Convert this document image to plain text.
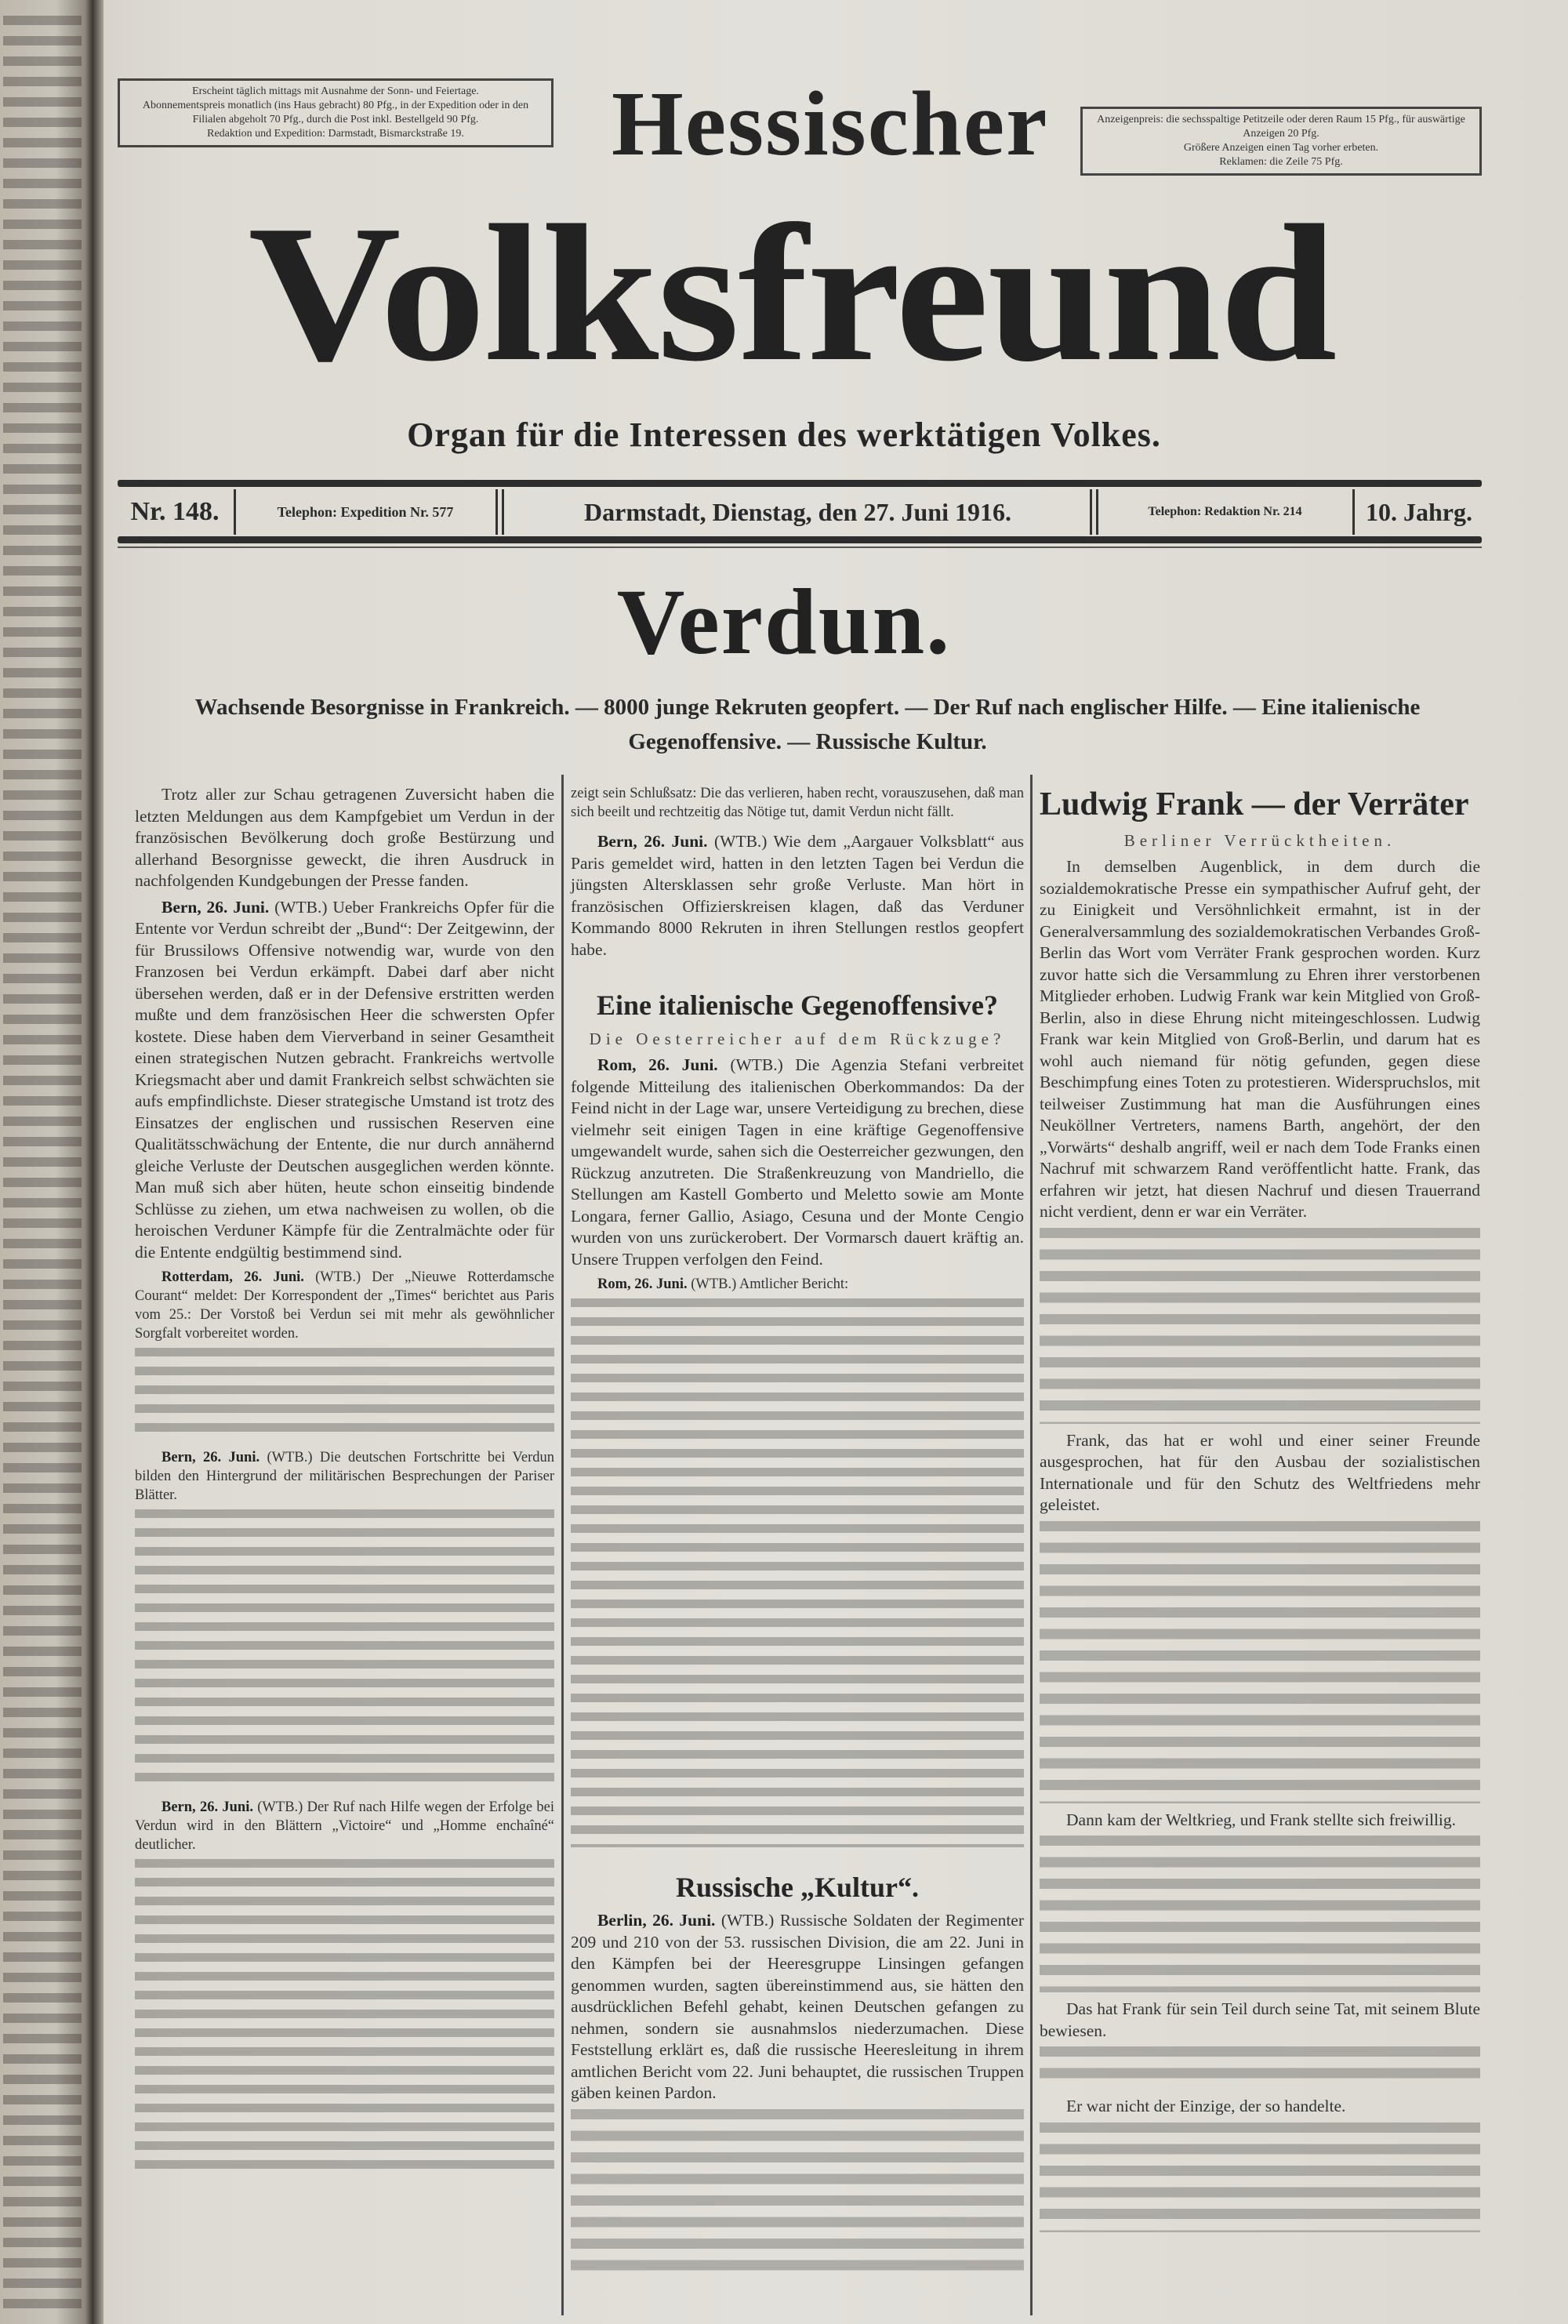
Erscheint täglich mittags mit Ausnahme der Sonn- und Feiertage.
Abonnementspreis monatlich (ins Haus gebracht) 80 Pfg., in der Expedition oder in den Filialen abgeholt 70 Pfg., durch die Post inkl. Bestellgeld 90 Pfg.
Redaktion und Expedition: Darmstadt, Bismarckstraße 19.
Anzeigenpreis: die sechsspaltige Petitzeile oder deren Raum 15 Pfg., für auswärtige Anzeigen 20 Pfg.
Größere Anzeigen einen Tag vorher erbeten.
Reklamen: die Zeile 75 Pfg.
Hessischer
Volksfreund
Organ für die Interessen des werktätigen Volkes.
Nr. 148.	Telephon: Expedition Nr. 577	Darmstadt, Dienstag, den 27. Juni 1916.	Telephon: Redaktion Nr. 214	10. Jahrg.
Verdun.
Wachsende Besorgnisse in Frankreich. — 8000 junge Rekruten geopfert. — Der Ruf nach englischer Hilfe. — Eine italienische Gegenoffensive. — Russische Kultur.

Trotz aller zur Schau getragenen Zuversicht haben die letzten Meldungen aus dem Kampfgebiet um Verdun in der französischen Bevölkerung doch große Bestürzung und allerhand Besorgnisse geweckt, die ihren Ausdruck in nachfolgenden Kundgebungen der Presse fanden.

Bern, 26. Juni. (WTB.) Ueber Frankreichs Opfer für die Entente vor Verdun schreibt der „Bund“: Der Zeitgewinn, der für Brussilows Offensive notwendig war, wurde von den Franzosen bei Verdun erkämpft. Dabei darf aber nicht übersehen werden, daß er in der Defensive erstritten werden mußte und dem französischen Heer die schwersten Opfer kostete. Diese haben dem Vierverband in seiner Gesamtheit einen strategischen Nutzen gebracht. Frankreichs wertvolle Kriegsmacht aber und damit Frankreich selbst schwächten sie aufs empfindlichste. Dieser strategische Umstand ist trotz des Einsatzes der englischen und russischen Reserven eine Qualitätsschwächung der Entente, die nur durch annähernd gleiche Verluste der Deutschen ausgeglichen werden könnte. Man muß sich aber hüten, heute schon einseitig bindende Schlüsse zu ziehen, um etwa nachweisen zu wollen, ob die heroischen Verduner Kämpfe für die Zentralmächte oder für die Entente endgültig bestimmend sind.

Rotterdam, 26. Juni. (WTB.) Der „Nieuwe Rotterdamsche Courant“ meldet: Der Korrespondent der „Times“ berichtet aus Paris vom 25.: Der Vorstoß bei Verdun sei mit mehr als gewöhnlicher Sorgfalt vorbereitet worden.

Bern, 26. Juni. (WTB.) Die deutschen Fortschritte bei Verdun bilden den Hintergrund der militärischen Besprechungen der Pariser Blätter.

Bern, 26. Juni. (WTB.) Der Ruf nach Hilfe wegen der Erfolge bei Verdun wird in den Blättern „Victoire“ und „Homme enchaîné“ deutlicher.

zeigt sein Schlußsatz: Die das verlieren, haben recht, vorauszusehen, daß man sich beeilt und rechtzeitig das Nötige tut, damit Verdun nicht fällt.

Bern, 26. Juni. (WTB.) Wie dem „Aargauer Volksblatt“ aus Paris gemeldet wird, hatten in den letzten Tagen bei Verdun die jüngsten Altersklassen sehr große Verluste. Man hört in französischen Offizierskreisen klagen, daß das Verduner Kommando 8000 Rekruten in ihren Stellungen restlos geopfert habe.

Eine italienische Gegenoffensive?
Die Oesterreicher auf dem Rückzuge?

Rom, 26. Juni. (WTB.) Die Agenzia Stefani verbreitet folgende Mitteilung des italienischen Oberkommandos: Da der Feind nicht in der Lage war, unsere Verteidigung zu brechen, diese vielmehr seit einigen Tagen in eine kräftige Gegenoffensive umgewandelt wurde, sahen sich die Oesterreicher gezwungen, den Rückzug anzutreten. Die Straßenkreuzung von Mandriello, die Stellungen am Kastell Gomberto und Meletto sowie am Monte Longara, ferner Gallio, Asiago, Cesuna und der Monte Cengio wurden von uns zurückerobert. Der Vormarsch dauert kräftig an. Unsere Truppen verfolgen den Feind.

Rom, 26. Juni. (WTB.) Amtlicher Bericht:

Russische „Kultur“.

Berlin, 26. Juni. (WTB.) Russische Soldaten der Regimenter 209 und 210 von der 53. russischen Division, die am 22. Juni in den Kämpfen bei der Heeresgruppe Linsingen gefangen genommen wurden, sagten übereinstimmend aus, sie hätten den ausdrücklichen Befehl gehabt, keinen Deutschen gefangen zu nehmen, sondern sie ausnahmslos niederzumachen. Diese Feststellung erklärt es, daß die russische Heeresleitung in ihrem amtlichen Bericht vom 22. Juni behauptet, die russischen Truppen gäben keinen Pardon.

Ludwig Frank — der Verräter
Berliner Verrücktheiten.

In demselben Augenblick, in dem durch die sozialdemokratische Presse ein sympathischer Aufruf geht, der zu Einigkeit und Versöhnlichkeit ermahnt, ist in der Generalversammlung des sozialdemokratischen Verbandes Groß-Berlin das Wort vom Verräter Frank gesprochen worden. Kurz zuvor hatte sich die Versammlung zu Ehren ihrer verstorbenen Mitglieder erhoben. Ludwig Frank war kein Mitglied von Groß-Berlin, also in diese Ehrung nicht miteingeschlossen. Ludwig Frank war kein Mitglied von Groß-Berlin, und darum hat es wohl auch niemand für nötig gefunden, gegen diese Beschimpfung eines Toten zu protestieren. Widerspruchslos, mit teilweiser Zustimmung hat man die Ausführungen eines Neuköllner Vertreters, namens Barth, angehört, der den „Vorwärts“ deshalb angriff, weil er nach dem Tode Franks einen Nachruf mit schwarzem Rand veröffentlicht hatte. Frank, das erfahren wir jetzt, hat diesen Nachruf und diesen Trauerrand nicht verdient, denn er war ein Verräter.

Frank, das hat er wohl und einer seiner Freunde ausgesprochen, hat für den Ausbau der sozialistischen Internationale und für den Schutz des Weltfriedens mehr geleistet.

Dann kam der Weltkrieg, und Frank stellte sich freiwillig.

Das hat Frank für sein Teil durch seine Tat, mit seinem Blute bewiesen.

Er war nicht der Einzige, der so handelte.
